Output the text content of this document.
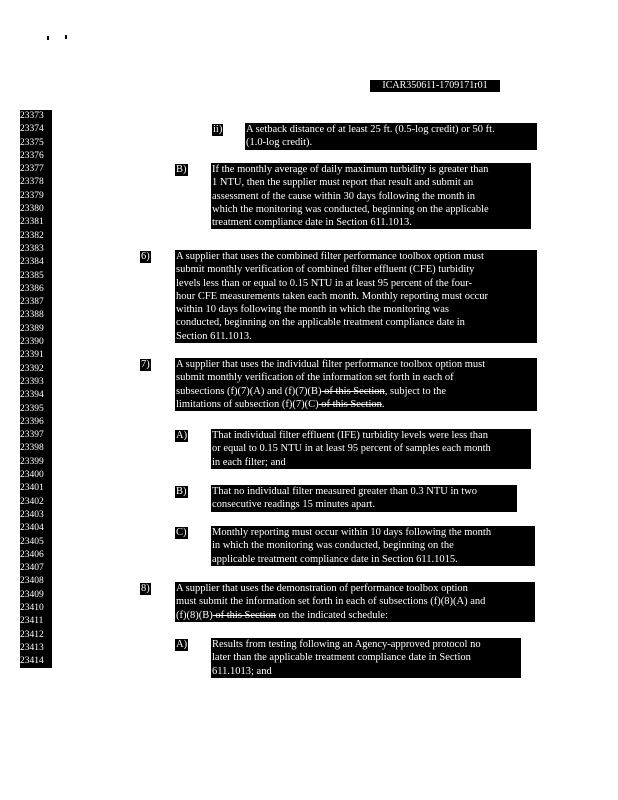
ICAR350611-1709171r01
23373
23374
23375
23376
23377
23378
23379
23380
23381
23382
23383
23384
23385
23386
23387
23388
23389
23390
23391
23392
23393
23394
23395
23396
23397
23398
23399
23400
23401
23402
23403
23404
23405
23406
23407
23408
23409
23410
23411
23412
23413
23414
ii) A setback distance of at least 25 ft. (0.5-log credit) or 50 ft.
(1.0-log credit).
B) If the monthly average of daily maximum turbidity is greater than
1 NTU, then the supplier must report that result and submit an
assessment of the cause within 30 days following the month in
which the monitoring was conducted, beginning on the applicable
treatment compliance date in Section 611.1013.
6)	A supplier that uses the combined filter performance toolbox option must
submit monthly verification of combined filter effluent (CFE) turbidity
levels less than or equal to 0.15 NTU in at least 95 percent of the four-
hour CFE measurements taken each month. Monthly reporting must occur
within 10 days following the month in which the monitoring was
conducted, beginning on the applicable treatment compliance date in
Section 611.1013.
7)	A supplier that uses the individual filter performance toolbox option must
submit monthly verification of the information set forth in each of
subsections (f)(7)(A) and (f)(7)(B) of this Section, subject to the
limitations of subsection (f)(7)(C) of this Section.
A) That individual filter effluent (IFE) turbidity levels were less than
or equal to 0.15 NTU in at least 95 percent of samples each month
in each filter; and
B) That no individual filter measured greater than 0.3 NTU in two
consecutive readings 15 minutes apart.
C) Monthly reporting must occur within 10 days following the month
in which the monitoring was conducted, beginning on the
applicable treatment compliance date in Section 611.1015.
8)	A supplier that uses the demonstration of performance toolbox option
must submit the information set forth in each of subsections (f)(8)(A) and
(f)(8)(B) of this Section on the indicated schedule:
A) Results from testing following an Agency-approved protocol no
later than the applicable treatment compliance date in Section
611.1013; and
